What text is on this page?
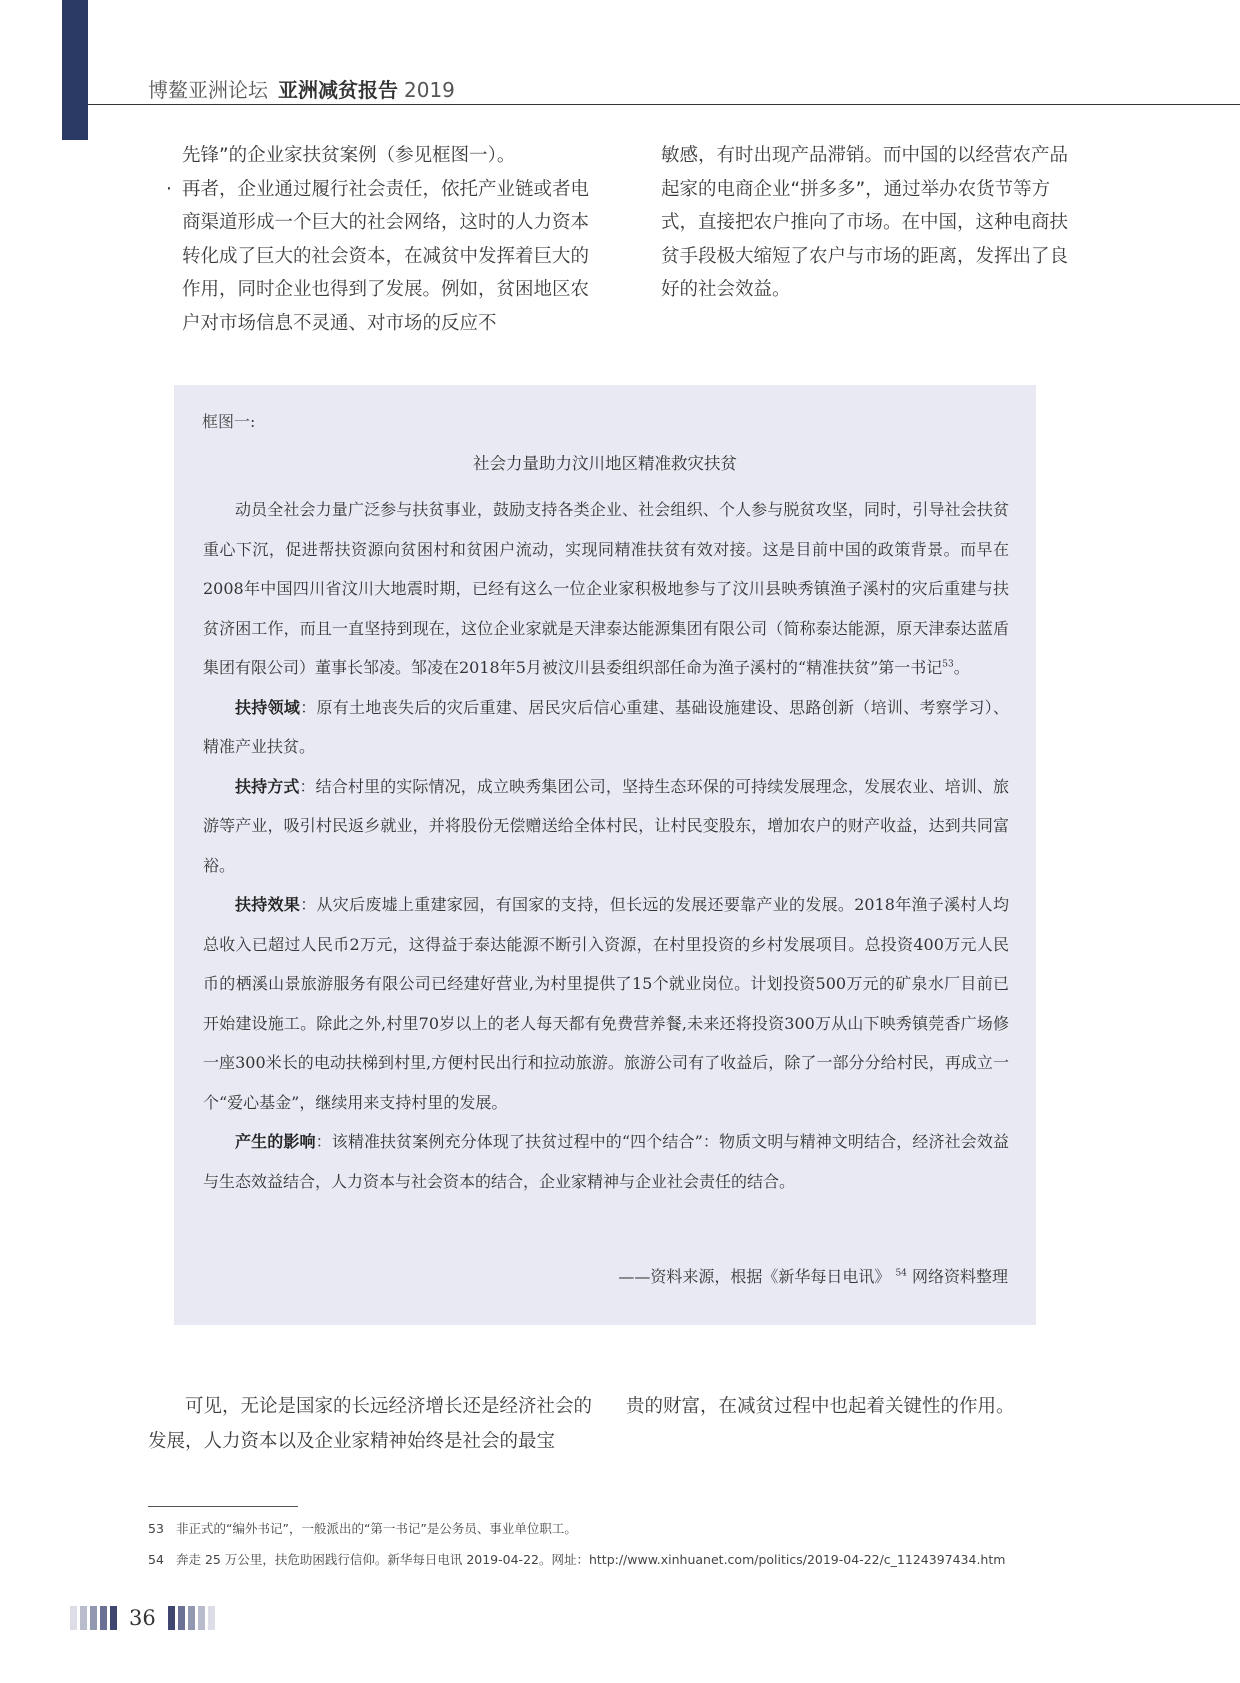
博鳌亚洲论坛 亚洲减贫报告 2019

先锋”的企业家扶贫案例（参见框图一）。

· 再者，企业通过履行社会责任，依托产业链或者电商渠道形成一个巨大的社会网络，这时的人力资本转化成了巨大的社会资本，在减贫中发挥着巨大的作用，同时企业也得到了发展。例如，贫困地区农户对市场信息不灵通、对市场的反应不

敏感，有时出现产品滞销。而中国的以经营农产品起家的电商企业“拼多多”，通过举办农货节等方式，直接把农户推向了市场。在中国，这种电商扶贫手段极大缩短了农户与市场的距离，发挥出了良好的社会效益。

框图一:
社会力量助力汶川地区精准救灾扶贫

动员全社会力量广泛参与扶贫事业，鼓励支持各类企业、社会组织、个人参与脱贫攻坚，同时，引导社会扶贫重心下沉，促进帮扶资源向贫困村和贫困户流动，实现同精准扶贫有效对接。这是目前中国的政策背景。而早在2008年中国四川省汶川大地震时期，已经有这么一位企业家积极地参与了汶川县映秀镇渔子溪村的灾后重建与扶贫济困工作，而且一直坚持到现在，这位企业家就是天津泰达能源集团有限公司（简称泰达能源，原天津泰达蓝盾集团有限公司）董事长邹凌。邹凌在2018年5月被汶川县委组织部任命为渔子溪村的“精准扶贫”第一书记$^{53}$。

扶持领域：原有土地丧失后的灾后重建、居民灾后信心重建、基础设施建设、思路创新（培训、考察学习）、精准产业扶贫。

扶持方式：结合村里的实际情况，成立映秀集团公司，坚持生态环保的可持续发展理念，发展农业、培训、旅游等产业，吸引村民返乡就业，并将股份无偿赠送给全体村民，让村民变股东，增加农户的财产收益，达到共同富裕。

扶持效果：从灾后废墟上重建家园，有国家的支持，但长远的发展还要靠产业的发展。2018年渔子溪村人均总收入已超过人民币2万元，这得益于泰达能源不断引入资源，在村里投资的乡村发展项目。总投资400万元人民币的栖溪山景旅游服务有限公司已经建好营业,为村里提供了15个就业岗位。计划投资500万元的矿泉水厂目前已开始建设施工。除此之外,村里70岁以上的老人每天都有免费营养餐,未来还将投资300万从山下映秀镇莞香广场修一座300米长的电动扶梯到村里,方便村民出行和拉动旅游。旅游公司有了收益后，除了一部分分给村民，再成立一个“爱心基金”，继续用来支持村里的发展。

产生的影响：该精准扶贫案例充分体现了扶贫过程中的“四个结合”：物质文明与精神文明结合，经济社会效益与生态效益结合，人力资本与社会资本的结合，企业家精神与企业社会责任的结合。

——资料来源，根据《新华每日电讯》 $^{54}$ 网络资料整理
可见，无论是国家的长远经济增长还是经济社会的发展，人力资本以及企业家精神始终是社会的最宝
贵的财富，在减贫过程中也起着关键性的作用。
53 非正式的“编外书记”，一般派出的“第一书记”是公务员、事业单位职工。
54 奔走 25 万公里，扶危助困践行信仰。新华每日电讯 2019-04-22。网址：http://www.xinhuanet.com/politics/2019-04-22/c_1124397434.htm
36
